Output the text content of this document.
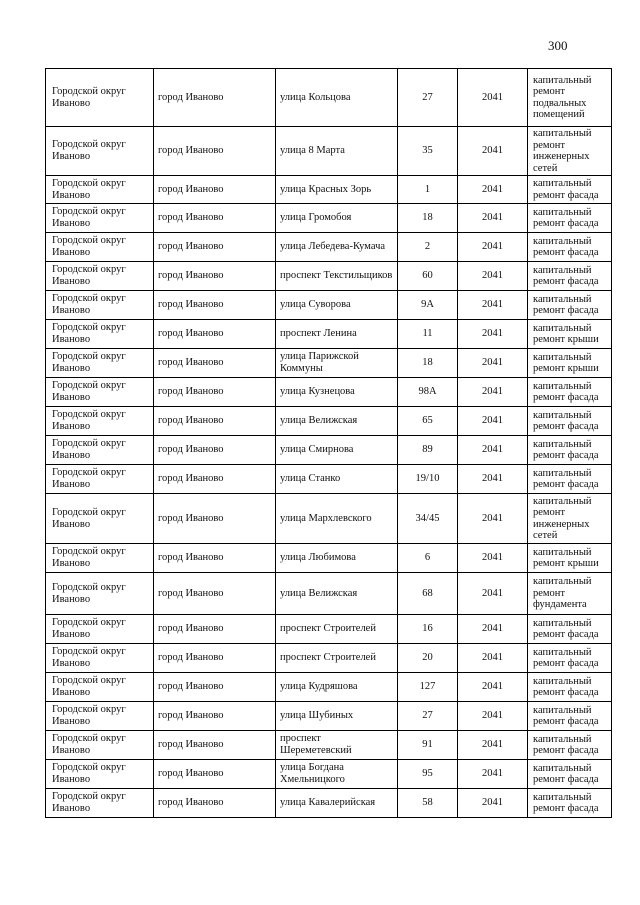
300
Городской округ Иваново	город Иваново	улица Кольцова	27	2041	капитальный ремонт подвальных помещений
Городской округ Иваново	город Иваново	улица 8 Марта	35	2041	капитальный ремонт инженерных сетей
Городской округ Иваново	город Иваново	улица Красных Зорь	1	2041	капитальный ремонт фасада
Городской округ Иваново	город Иваново	улица Громобоя	18	2041	капитальный ремонт фасада
Городской округ Иваново	город Иваново	улица Лебедева-Кумача	2	2041	капитальный ремонт фасада
Городской округ Иваново	город Иваново	проспект Текстильщиков	60	2041	капитальный ремонт фасада
Городской округ Иваново	город Иваново	улица Суворова	9А	2041	капитальный ремонт фасада
Городской округ Иваново	город Иваново	проспект Ленина	11	2041	капитальный ремонт крыши
Городской округ Иваново	город Иваново	улица Парижской Коммуны	18	2041	капитальный ремонт крыши
Городской округ Иваново	город Иваново	улица Кузнецова	98А	2041	капитальный ремонт фасада
Городской округ Иваново	город Иваново	улица Велижская	65	2041	капитальный ремонт фасада
Городской округ Иваново	город Иваново	улица Смирнова	89	2041	капитальный ремонт фасада
Городской округ Иваново	город Иваново	улица Станко	19/10	2041	капитальный ремонт фасада
Городской округ Иваново	город Иваново	улица Мархлевского	34/45	2041	капитальный ремонт инженерных сетей
Городской округ Иваново	город Иваново	улица Любимова	6	2041	капитальный ремонт крыши
Городской округ Иваново	город Иваново	улица Велижская	68	2041	капитальный ремонт фундамента
Городской округ Иваново	город Иваново	проспект Строителей	16	2041	капитальный ремонт фасада
Городской округ Иваново	город Иваново	проспект Строителей	20	2041	капитальный ремонт фасада
Городской округ Иваново	город Иваново	улица Кудряшова	127	2041	капитальный ремонт фасада
Городской округ Иваново	город Иваново	улица Шубиных	27	2041	капитальный ремонт фасада
Городской округ Иваново	город Иваново	проспект Шереметевский	91	2041	капитальный ремонт фасада
Городской округ Иваново	город Иваново	улица Богдана Хмельницкого	95	2041	капитальный ремонт фасада
Городской округ Иваново	город Иваново	улица Кавалерийская	58	2041	капитальный ремонт фасада
